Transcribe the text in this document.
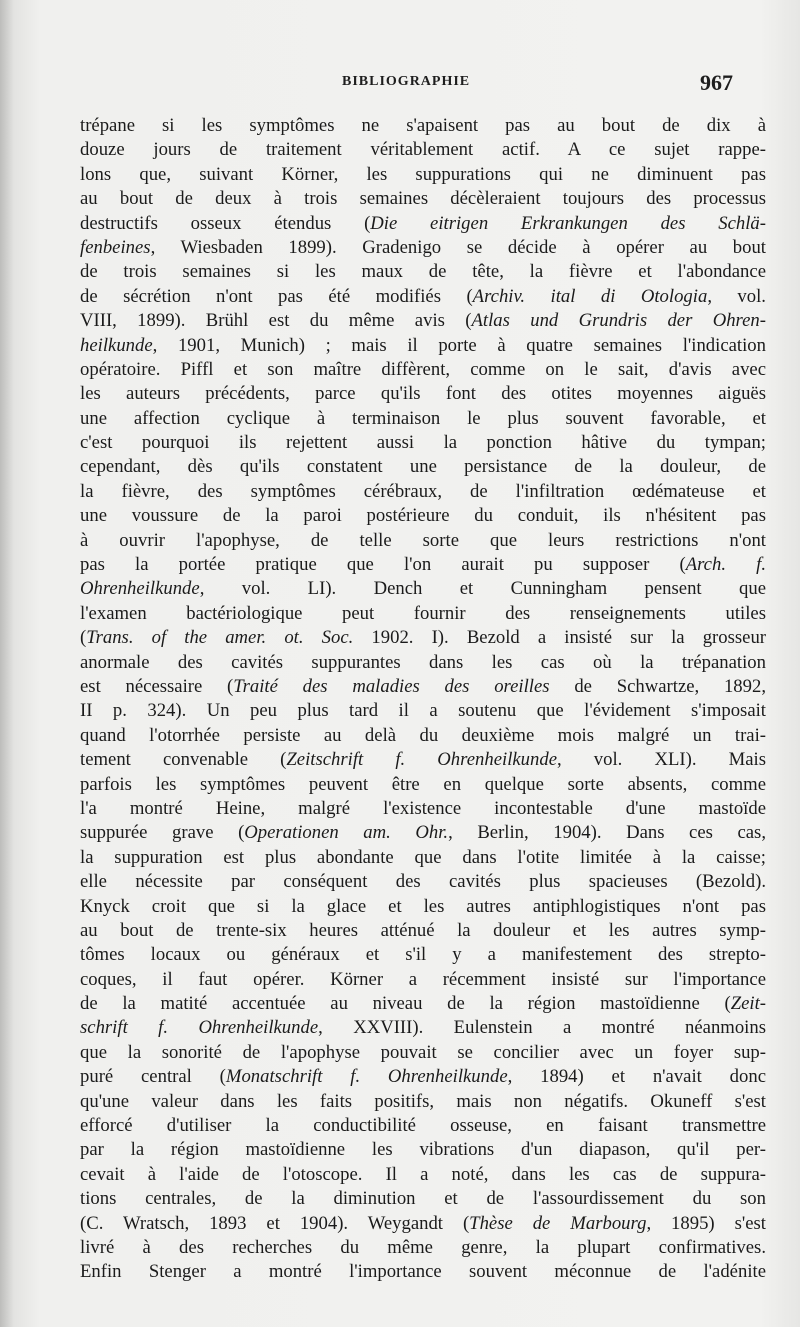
BIBLIOGRAPHIE	967
trépane si les symptômes ne s'apaisent pas au bout de dix à
douze jours de traitement véritablement actif. A ce sujet rappe-
lons que, suivant Körner, les suppurations qui ne diminuent pas
au bout de deux à trois semaines décèleraient toujours des processus
destructifs osseux étendus (Die eitrigen Erkrankungen des Schlä-
fenbeines, Wiesbaden 1899). Gradenigo se décide à opérer au bout
de trois semaines si les maux de tête, la fièvre et l'abondance
de sécrétion n'ont pas été modifiés (Archiv. ital di Otologia, vol.
VIII, 1899). Brühl est du même avis (Atlas und Grundris der Ohren-
heilkunde, 1901, Munich) ; mais il porte à quatre semaines l'indication
opératoire. Piffl et son maître diffèrent, comme on le sait, d'avis avec
les auteurs précédents, parce qu'ils font des otites moyennes aiguës
une affection cyclique à terminaison le plus souvent favorable, et
c'est pourquoi ils rejettent aussi la ponction hâtive du tympan;
cependant, dès qu'ils constatent une persistance de la douleur, de
la fièvre, des symptômes cérébraux, de l'infiltration œdémateuse et
une voussure de la paroi postérieure du conduit, ils n'hésitent pas
à ouvrir l'apophyse, de telle sorte que leurs restrictions n'ont
pas la portée pratique que l'on aurait pu supposer (Arch. f.
Ohrenheilkunde, vol. LI). Dench et Cunningham pensent que
l'examen bactériologique peut fournir des renseignements utiles
(Trans. of the amer. ot. Soc. 1902. I). Bezold a insisté sur la grosseur
anormale des cavités suppurantes dans les cas où la trépanation
est nécessaire (Traité des maladies des oreilles de Schwartze, 1892,
II p. 324). Un peu plus tard il a soutenu que l'évidement s'imposait
quand l'otorrhée persiste au delà du deuxième mois malgré un trai-
tement convenable (Zeitschrift f. Ohrenheilkunde, vol. XLI). Mais
parfois les symptômes peuvent être en quelque sorte absents, comme
l'a montré Heine, malgré l'existence incontestable d'une mastoïde
suppurée grave (Operationen am. Ohr., Berlin, 1904). Dans ces cas,
la suppuration est plus abondante que dans l'otite limitée à la caisse;
elle nécessite par conséquent des cavités plus spacieuses (Bezold).
Knyck croit que si la glace et les autres antiphlogistiques n'ont pas
au bout de trente-six heures atténué la douleur et les autres symp-
tômes locaux ou généraux et s'il y a manifestement des strepto-
coques, il faut opérer. Körner a récemment insisté sur l'importance
de la matité accentuée au niveau de la région mastoïdienne (Zeit-
schrift f. Ohrenheilkunde, XXVIII). Eulenstein a montré néanmoins
que la sonorité de l'apophyse pouvait se concilier avec un foyer sup-
puré central (Monatschrift f. Ohrenheilkunde, 1894) et n'avait donc
qu'une valeur dans les faits positifs, mais non négatifs. Okuneff s'est
efforcé d'utiliser la conductibilité osseuse, en faisant transmettre
par la région mastoïdienne les vibrations d'un diapason, qu'il per-
cevait à l'aide de l'otoscope. Il a noté, dans les cas de suppura-
tions centrales, de la diminution et de l'assourdissement du son
(C. Wratsch, 1893 et 1904). Weygandt (Thèse de Marbourg, 1895) s'est
livré à des recherches du même genre, la plupart confirmatives.
Enfin Stenger a montré l'importance souvent méconnue de l'adénite
